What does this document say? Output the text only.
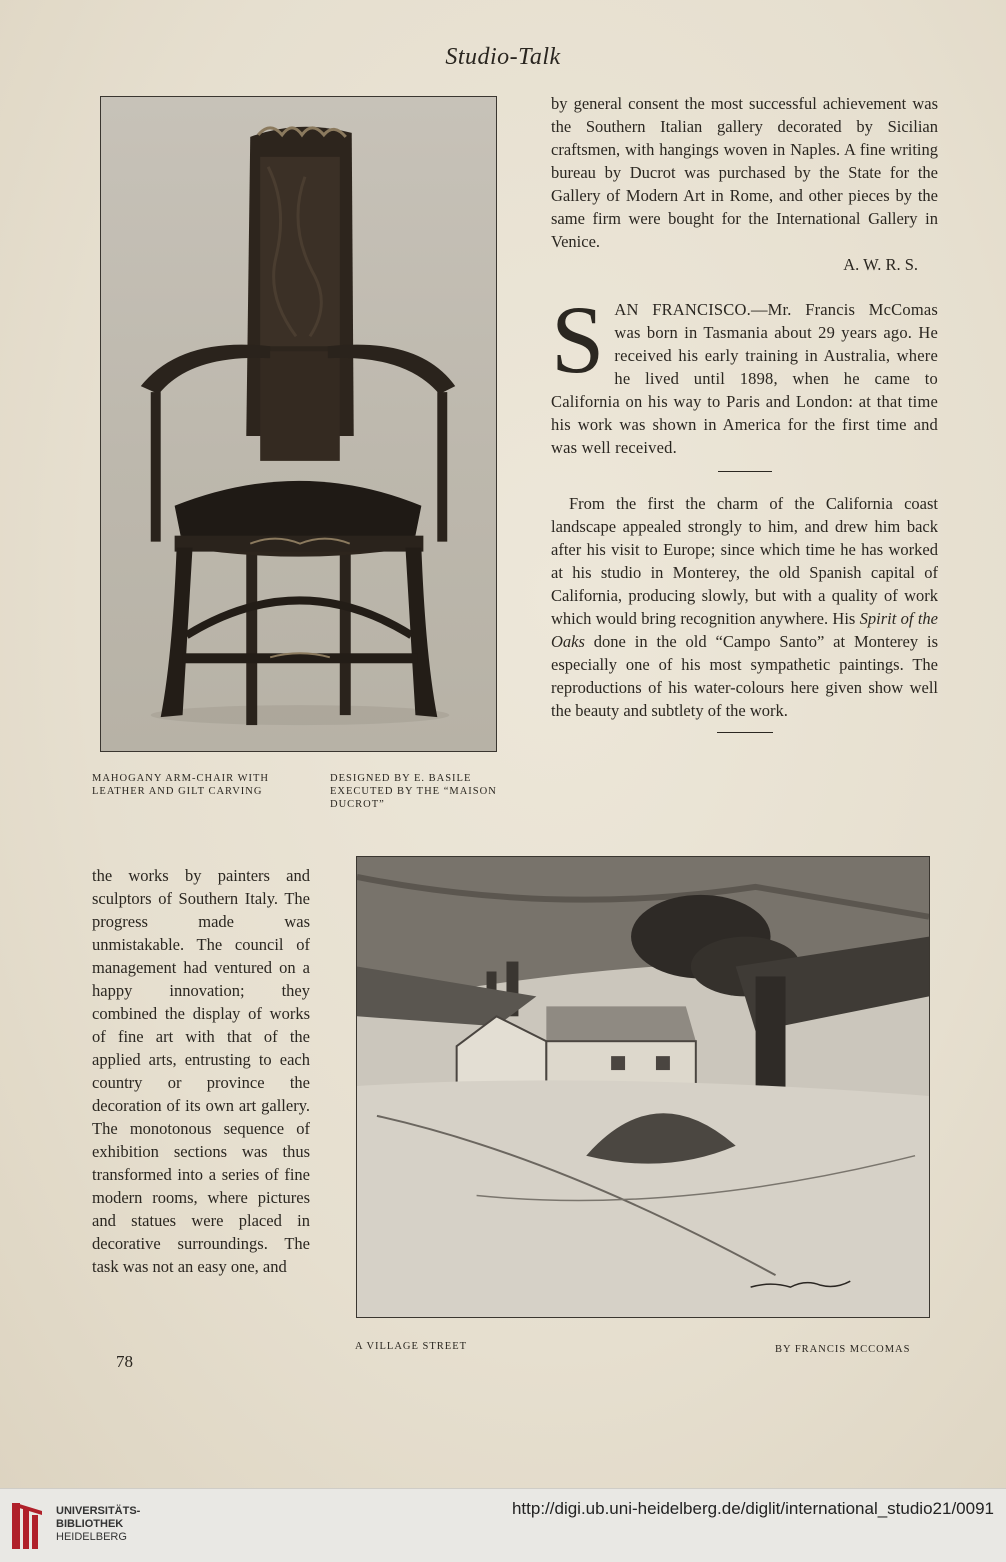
Studio-Talk
MAHOGANY ARM-CHAIR WITH LEATHER AND GILT CARVING
DESIGNED BY E. BASILE EXECUTED BY THE “MAISON DUCROT”

by general consent the most successful achievement was the Southern Italian gallery decorated by Sicilian craftsmen, with hangings woven in Naples. A fine writing bureau by Ducrot was purchased by the State for the Gallery of Modern Art in Rome, and other pieces by the same firm were bought for the International Gallery in Venice.

A. W. R. S.
S AN FRANCISCO.—Mr. Francis McComas was born in Tasmania about 29 years ago. He received his early training in Australia, where he lived until 1898, when he came to California on his way to Paris and London: at that time his work was shown in America for the first time and was well received.

From the first the charm of the California coast landscape appealed strongly to him, and drew him back after his visit to Europe; since which time he has worked at his studio in Monterey, the old Spanish capital of California, producing slowly, but with a quality of work which would bring recognition anywhere. His Spirit of the Oaks done in the old “Campo Santo” at Monterey is especially one of his most sympathetic paintings. The reproductions of his water-colours here given show well the beauty and subtlety of the work.

the works by painters and sculptors of Southern Italy. The progress made was unmistakable. The council of management had ventured on a happy innovation; they combined the display of works of fine art with that of the applied arts, entrusting to each country or province the decoration of its own art gallery. The monotonous sequence of exhibition sections was thus transformed into a series of fine modern rooms, where pictures and statues were placed in decorative surroundings. The task was not an easy one, and

A VILLAGE STREET	BY FRANCIS MCCOMAS
78
UNIVERSITÄTS-
BIBLIOTHEK
HEIDELBERG
http://digi.ub.uni-heidelberg.de/diglit/international_studio21/0091
